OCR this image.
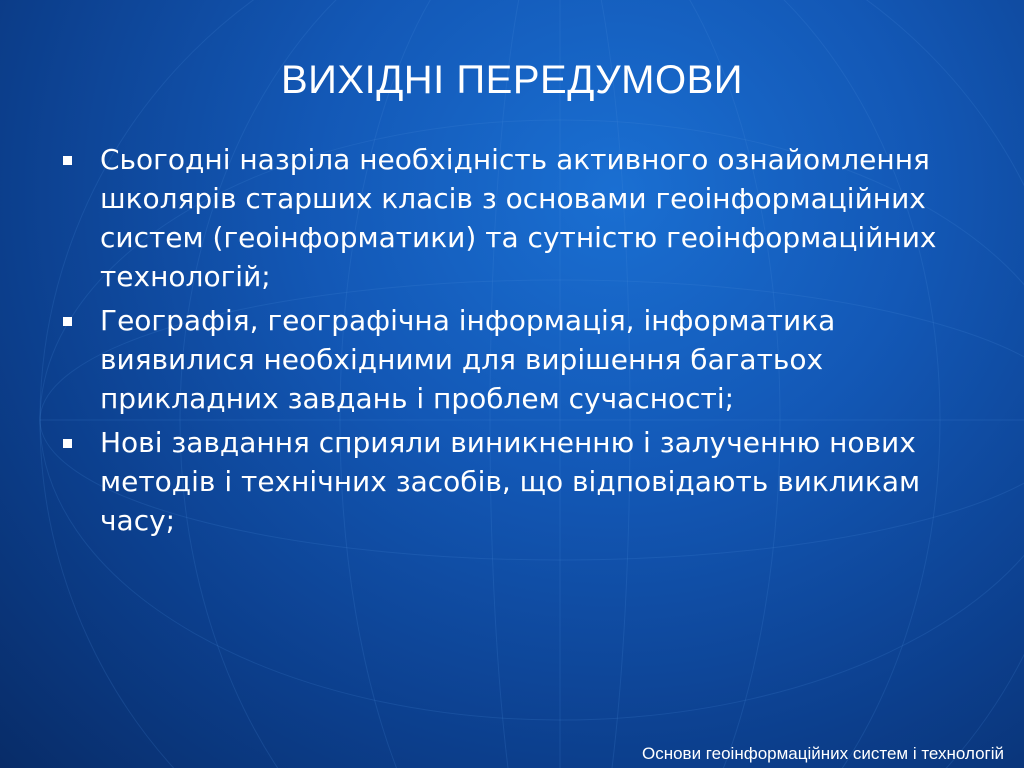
ВИХІДНІ ПЕРЕДУМОВИ
Сьогодні назріла необхідність активного ознайомлення школярів старших класів з основами геоінформаційних систем (геоінформатики) та сутністю геоінформаційних технологій;
Географія, географічна інформація, інформатика виявилися необхідними для вирішення багатьох прикладних завдань і проблем сучасності;
Нові завдання сприяли виникненню і залученню нових методів і технічних засобів, що відповідають викликам часу;
Основи геоінформаційних систем і технологій
